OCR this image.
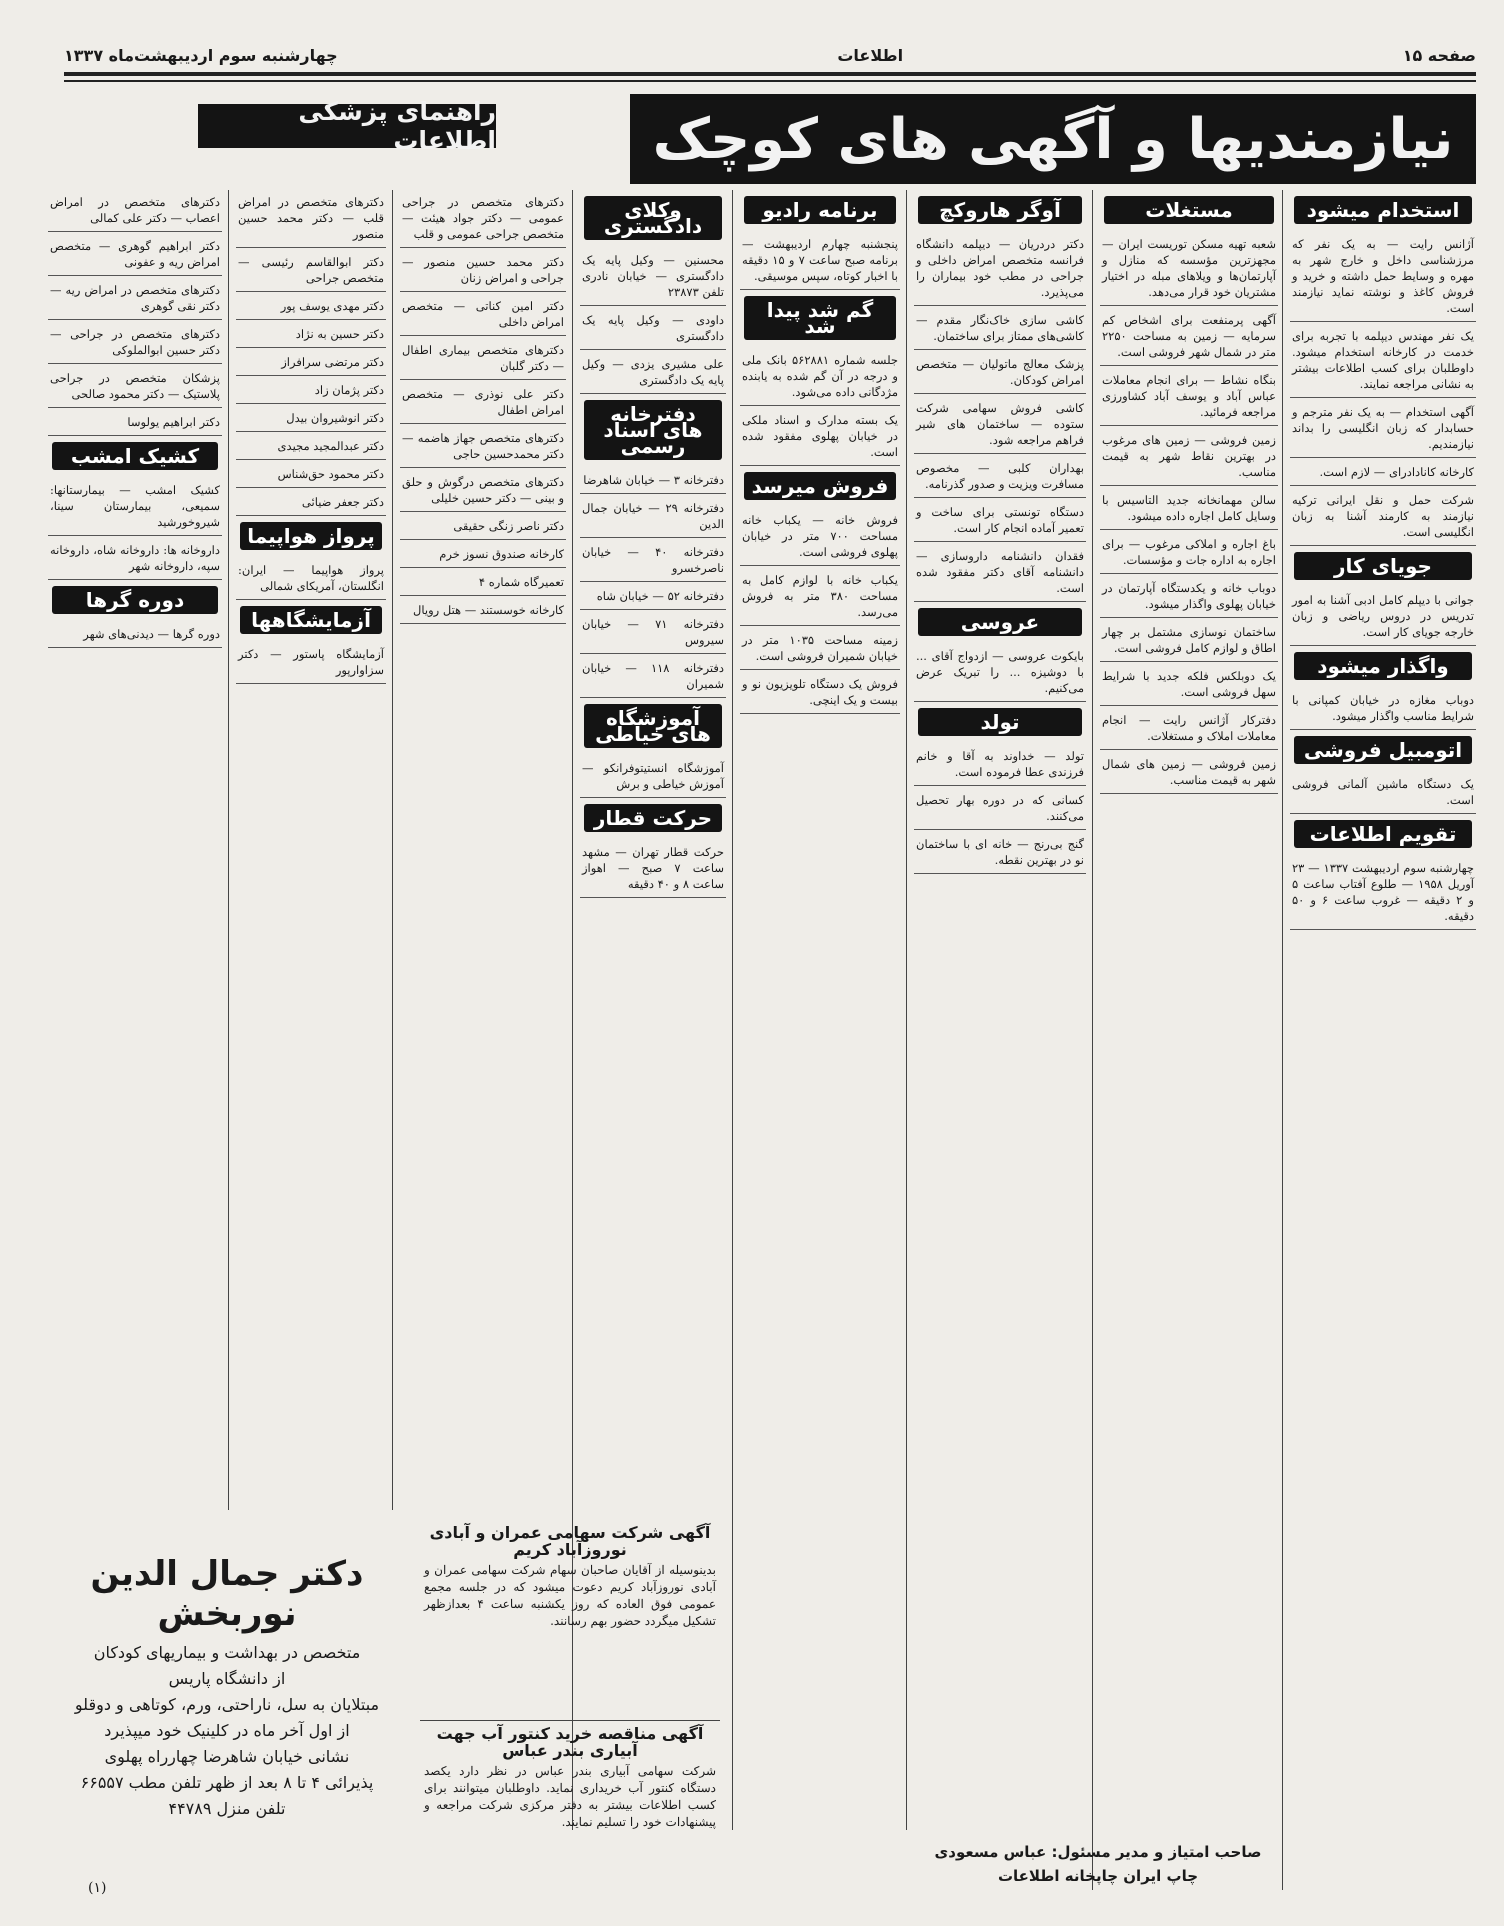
صفحه ۱۵
اطلاعات
چهارشنبه سوم اردیبهشت‌ماه ۱۳۳۷
نیازمندیها و آگهی های کوچک
راهنمای پزشکی اطلاعات
استخدام میشود
آژانس رایت — به یک نفر که مرزشناسی داخل و خارج شهر به مهره و وسایط حمل داشته و خرید و فروش کاغذ و نوشته نماید نیازمند است.
یک نفر مهندس دیپلمه با تجربه برای خدمت در کارخانه استخدام میشود. داوطلبان برای کسب اطلاعات بیشتر به نشانی مراجعه نمایند.
آگهی استخدام — به یک نفر مترجم و حسابدار که زبان انگلیسی را بداند نیازمندیم.
کارخانه کانادادرای — لازم است.
شرکت حمل و نقل ایرانی ترکیه نیازمند به کارمند آشنا به زبان انگلیسی است.
جویای کار
جوانی با دیپلم کامل ادبی آشنا به امور تدریس در دروس ریاضی و زبان خارجه جویای کار است.
واگذار میشود
دوباب مغازه در خیابان کمپانی با شرایط مناسب واگذار میشود.
اتومبیل فروشی
یک دستگاه ماشین آلمانی فروشی است.
تقویم اطلاعات
چهارشنبه سوم اردیبهشت ۱۳۳۷ — ۲۳ آوریل ۱۹۵۸ — طلوع آفتاب ساعت ۵ و ۲ دقیقه — غروب ساعت ۶ و ۵۰ دقیقه.
مستغلات
شعبه تهیه مسکن توریست ایران — مجهزترین مؤسسه که منازل و آپارتمان‌ها و ویلاهای مبله در اختیار مشتریان خود قرار می‌دهد.
آگهی پرمنفعت برای اشخاص کم سرمایه — زمین به مساحت ۲۲۵۰ متر در شمال شهر فروشی است.
بنگاه نشاط — برای انجام معاملات عباس آباد و یوسف آباد کشاورزی مراجعه فرمائید.
زمین فروشی — زمین های مرغوب در بهترین نقاط شهر به قیمت مناسب.
سالن مهمانخانه جدید التاسیس با وسایل کامل اجاره داده میشود.
باغ اجاره و املاکی مرغوب — برای اجاره به اداره جات و مؤسسات.
دوباب خانه و یکدستگاه آپارتمان در خیابان پهلوی واگذار میشود.
ساختمان نوسازی مشتمل بر چهار اطاق و لوازم کامل فروشی است.
یک دوبلکس فلکه جدید با شرایط سهل فروشی است.
دفترکار آژانس رایت — انجام معاملات املاک و مستغلات.
زمین فروشی — زمین های شمال شهر به قیمت مناسب.
آوگر هاروکچ
دکتر دردریان — دیپلمه دانشگاه فرانسه متخصص امراض داخلی و جراحی در مطب خود بیماران را می‌پذیرد.
کاشی سازی خاک‌نگار مقدم — کاشی‌های ممتاز برای ساختمان.
پزشک معالج ماتولیان — متخصص امراض کودکان.
کاشی فروش سهامی شرکت ستوده — ساختمان های شیر فراهم مراجعه شود.
بهداران کلبی — مخصوص مسافرت ویزیت و صدور گذرنامه.
دستگاه تونستی برای ساخت و تعمیر آماده انجام کار است.
فقدان دانشنامه داروسازی — دانشنامه آقای دکتر مفقود شده است.
عروسی
بایکوت عروسی — ازدواج آقای ... با دوشیزه ... را تبریک عرض می‌کنیم.
تولد
تولد — خداوند به آقا و خانم فرزندی عطا فرموده است.
کسانی که در دوره بهار تحصیل می‌کنند.
گنج بی‌رنج — خانه ای با ساختمان نو در بهترین نقطه.
برنامه رادیو
پنجشنبه چهارم اردیبهشت — برنامه صبح ساعت ۷ و ۱۵ دقیقه با اخبار کوتاه، سپس موسیقی.
گم شد پیدا شد
جلسه شماره ۵۶۲۸۸۱ بانک ملی و درجه در آن گم شده به یابنده مژدگانی داده می‌شود.
یک بسته مدارک و اسناد ملکی در خیابان پهلوی مفقود شده است.
فروش میرسد
فروش خانه — یکباب خانه مساحت ۷۰۰ متر در خیابان پهلوی فروشی است.
یکباب خانه با لوازم کامل به مساحت ۳۸۰ متر به فروش می‌رسد.
زمینه مساحت ۱۰۳۵ متر در خیابان شمیران فروشی است.
فروش یک دستگاه تلویزیون نو و بیست و یک اینچی.
وکلای دادگستری
محسنین — وکیل پایه یک دادگستری — خیابان نادری تلفن ۲۳۸۷۳
داودی — وکیل پایه یک دادگستری
علی مشیری یزدی — وکیل پایه یک دادگستری
دفترخانه های اسناد رسمی
دفترخانه ۳ — خیابان شاهرضا
دفترخانه ۲۹ — خیابان جمال الدین
دفترخانه ۴۰ — خیابان ناصرخسرو
دفترخانه ۵۲ — خیابان شاه
دفترخانه ۷۱ — خیابان سیروس
دفترخانه ۱۱۸ — خیابان شمیران
آموزشگاه های خیاطی
آموزشگاه انستیتوفرانکو — آموزش خیاطی و برش
حرکت قطار
حرکت قطار تهران — مشهد ساعت ۷ صبح — اهواز ساعت ۸ و ۴۰ دقیقه
دکترهای متخصص در جراحی عمومی — دکتر جواد هیئت — متخصص جراحی عمومی و قلب
دکتر محمد حسین منصور — جراحی و امراض زنان
دکتر امین کناتی — متخصص امراض داخلی
دکترهای متخصص بیماری اطفال — دکتر گلبان
دکتر علی نوذری — متخصص امراض اطفال
دکترهای متخصص جهاز هاضمه — دکتر محمدحسین حاجی
دکترهای متخصص درگوش و حلق و بینی — دکتر حسین خلیلی
دکتر ناصر زنگی حقیقی
کارخانه صندوق نسوز خرم
تعمیرگاه شماره ۴
کارخانه خوسستند — هتل رویال
دکترهای متخصص در امراض قلب — دکتر محمد حسین منصور
دکتر ابوالقاسم رئیسی — متخصص جراحی
دکتر مهدی یوسف پور
دکتر حسین به نژاد
دکتر مرتضی سرافراز
دکتر پژمان زاد
دکتر انوشیروان بیدل
دکتر عبدالمجید مجیدی
دکتر محمود حق‌شناس
دکتر جعفر ضیائی
پرواز هواپیما
پرواز هواپیما — ایران: انگلستان، آمریکای شمالی
آزمایشگاهها
آزمایشگاه پاستور — دکتر سزاوارپور
دکترهای متخصص در امراض اعصاب — دکتر علی کمالی
دکتر ابراهیم گوهری — متخصص امراض ریه و عفونی
دکترهای متخصص در امراض ریه — دکتر نقی گوهری
دکترهای متخصص در جراحی — دکتر حسین ابوالملوکی
پزشکان متخصص در جراحی پلاستیک — دکتر محمود صالحی
دکتر ابراهیم یولوسا
کشیک امشب
کشیک امشب — بیمارستانها: سمیعی، بیمارستان سینا، شیروخورشید
داروخانه ها: داروخانه شاه، داروخانه سپه، داروخانه شهر
دوره گرها
دوره گرها — دیدنی‌های شهر
دکتر جمال الدین نوربخش
متخصص در بهداشت و بیماریهای کودکان
از دانشگاه پاریس
مبتلایان به سل، ناراحتی، ورم، کوتاهی و دوقلو
از اول آخر ماه در کلینیک خود میپذیرد
نشانی خیابان شاهرضا چهارراه پهلوی
پذیرائی ۴ تا ۸ بعد از ظهر تلفن مطب ۶۶۵۵۷
تلفن منزل ۴۴۷۸۹
آگهی شرکت سهامی عمران و آبادی نوروزآباد کریم
بدینوسیله از آقایان صاحبان سهام شرکت سهامی عمران و آبادی نوروزآباد کریم دعوت میشود که در جلسه مجمع عمومی فوق العاده که روز یکشنبه ساعت ۴ بعدازظهر تشکیل میگردد حضور بهم رسانند.
آگهی مناقصه خرید کنتور آب جهت آبیاری بندر عباس
شرکت سهامی آبیاری بندر عباس در نظر دارد یکصد دستگاه کنتور آب خریداری نماید. داوطلبان میتوانند برای کسب اطلاعات بیشتر به دفتر مرکزی شرکت مراجعه و پیشنهادات خود را تسلیم نمایند.
صاحب امتیاز و مدیر مسئول: عباس مسعودی
چاپ ایران چاپخانه اطلاعات
(۱)
